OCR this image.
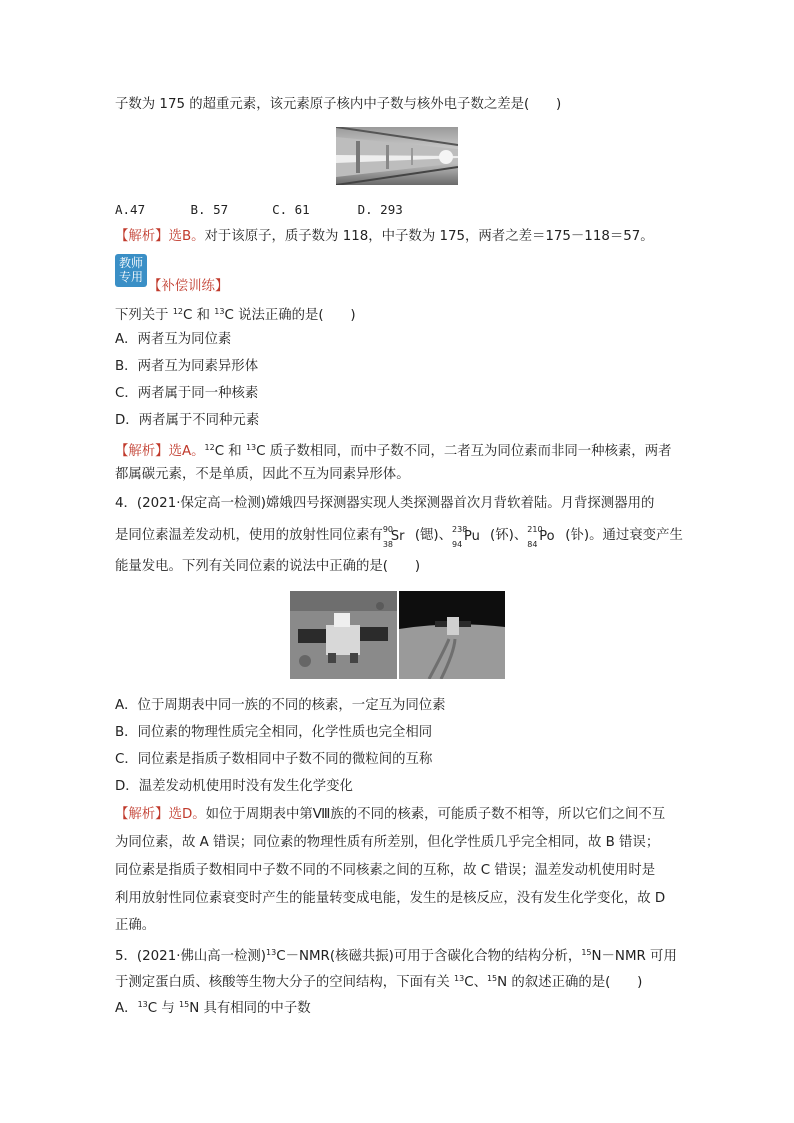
子数为 175 的超重元素，该元素原子核内中子数与核外电子数之差是(　　)
A.47	B. 57	C. 61	D. 293
【解析】选B。对于该原子，质子数为 118，中子数为 175，两者之差＝175－118＝57。
教师
专用
【补偿训练】
下列关于 $^{12}$C 和 $^{13}$C 说法正确的是(　　)
A．两者互为同位素
B．两者互为同素异形体
C．两者属于同一种核素
D．两者属于不同种元素
【解析】选A。$^{12}$C 和 $^{13}$C 质子数相同，而中子数不同，二者互为同位素而非同一种核素，两者
都属碳元素，不是单质，因此不互为同素异形体。
4．(2021·保定高一检测)嫦娥四号探测器实现人类探测器首次月背软着陆。月背探测器用的
是同位素温差发动机，使用的放射性同位素有 90
38
Sr (锶)、 238
94
Pu (钚)、 210
84
Po (钋)。通过衰变产生
能量发电。下列有关同位素的说法中正确的是(　　)
A．位于周期表中同一族的不同的核素，一定互为同位素
B．同位素的物理性质完全相同，化学性质也完全相同
C．同位素是指质子数相同中子数不同的微粒间的互称
D．温差发动机使用时没有发生化学变化
【解析】选D。如位于周期表中第Ⅷ族的不同的核素，可能质子数不相等，所以它们之间不互
为同位素，故 A 错误；同位素的物理性质有所差别，但化学性质几乎完全相同，故 B 错误；
同位素是指质子数相同中子数不同的不同核素之间的互称，故 C 错误；温差发动机使用时是
利用放射性同位素衰变时产生的能量转变成电能，发生的是核反应，没有发生化学变化，故 D
正确。
5．(2021·佛山高一检测)$^{13}$C－NMR(核磁共振)可用于含碳化合物的结构分析，$^{15}$N－NMR 可用
于测定蛋白质、核酸等生物大分子的空间结构，下面有关 $^{13}$C、$^{15}$N 的叙述正确的是(　　)
A．$^{13}$C 与 $^{15}$N 具有相同的中子数
